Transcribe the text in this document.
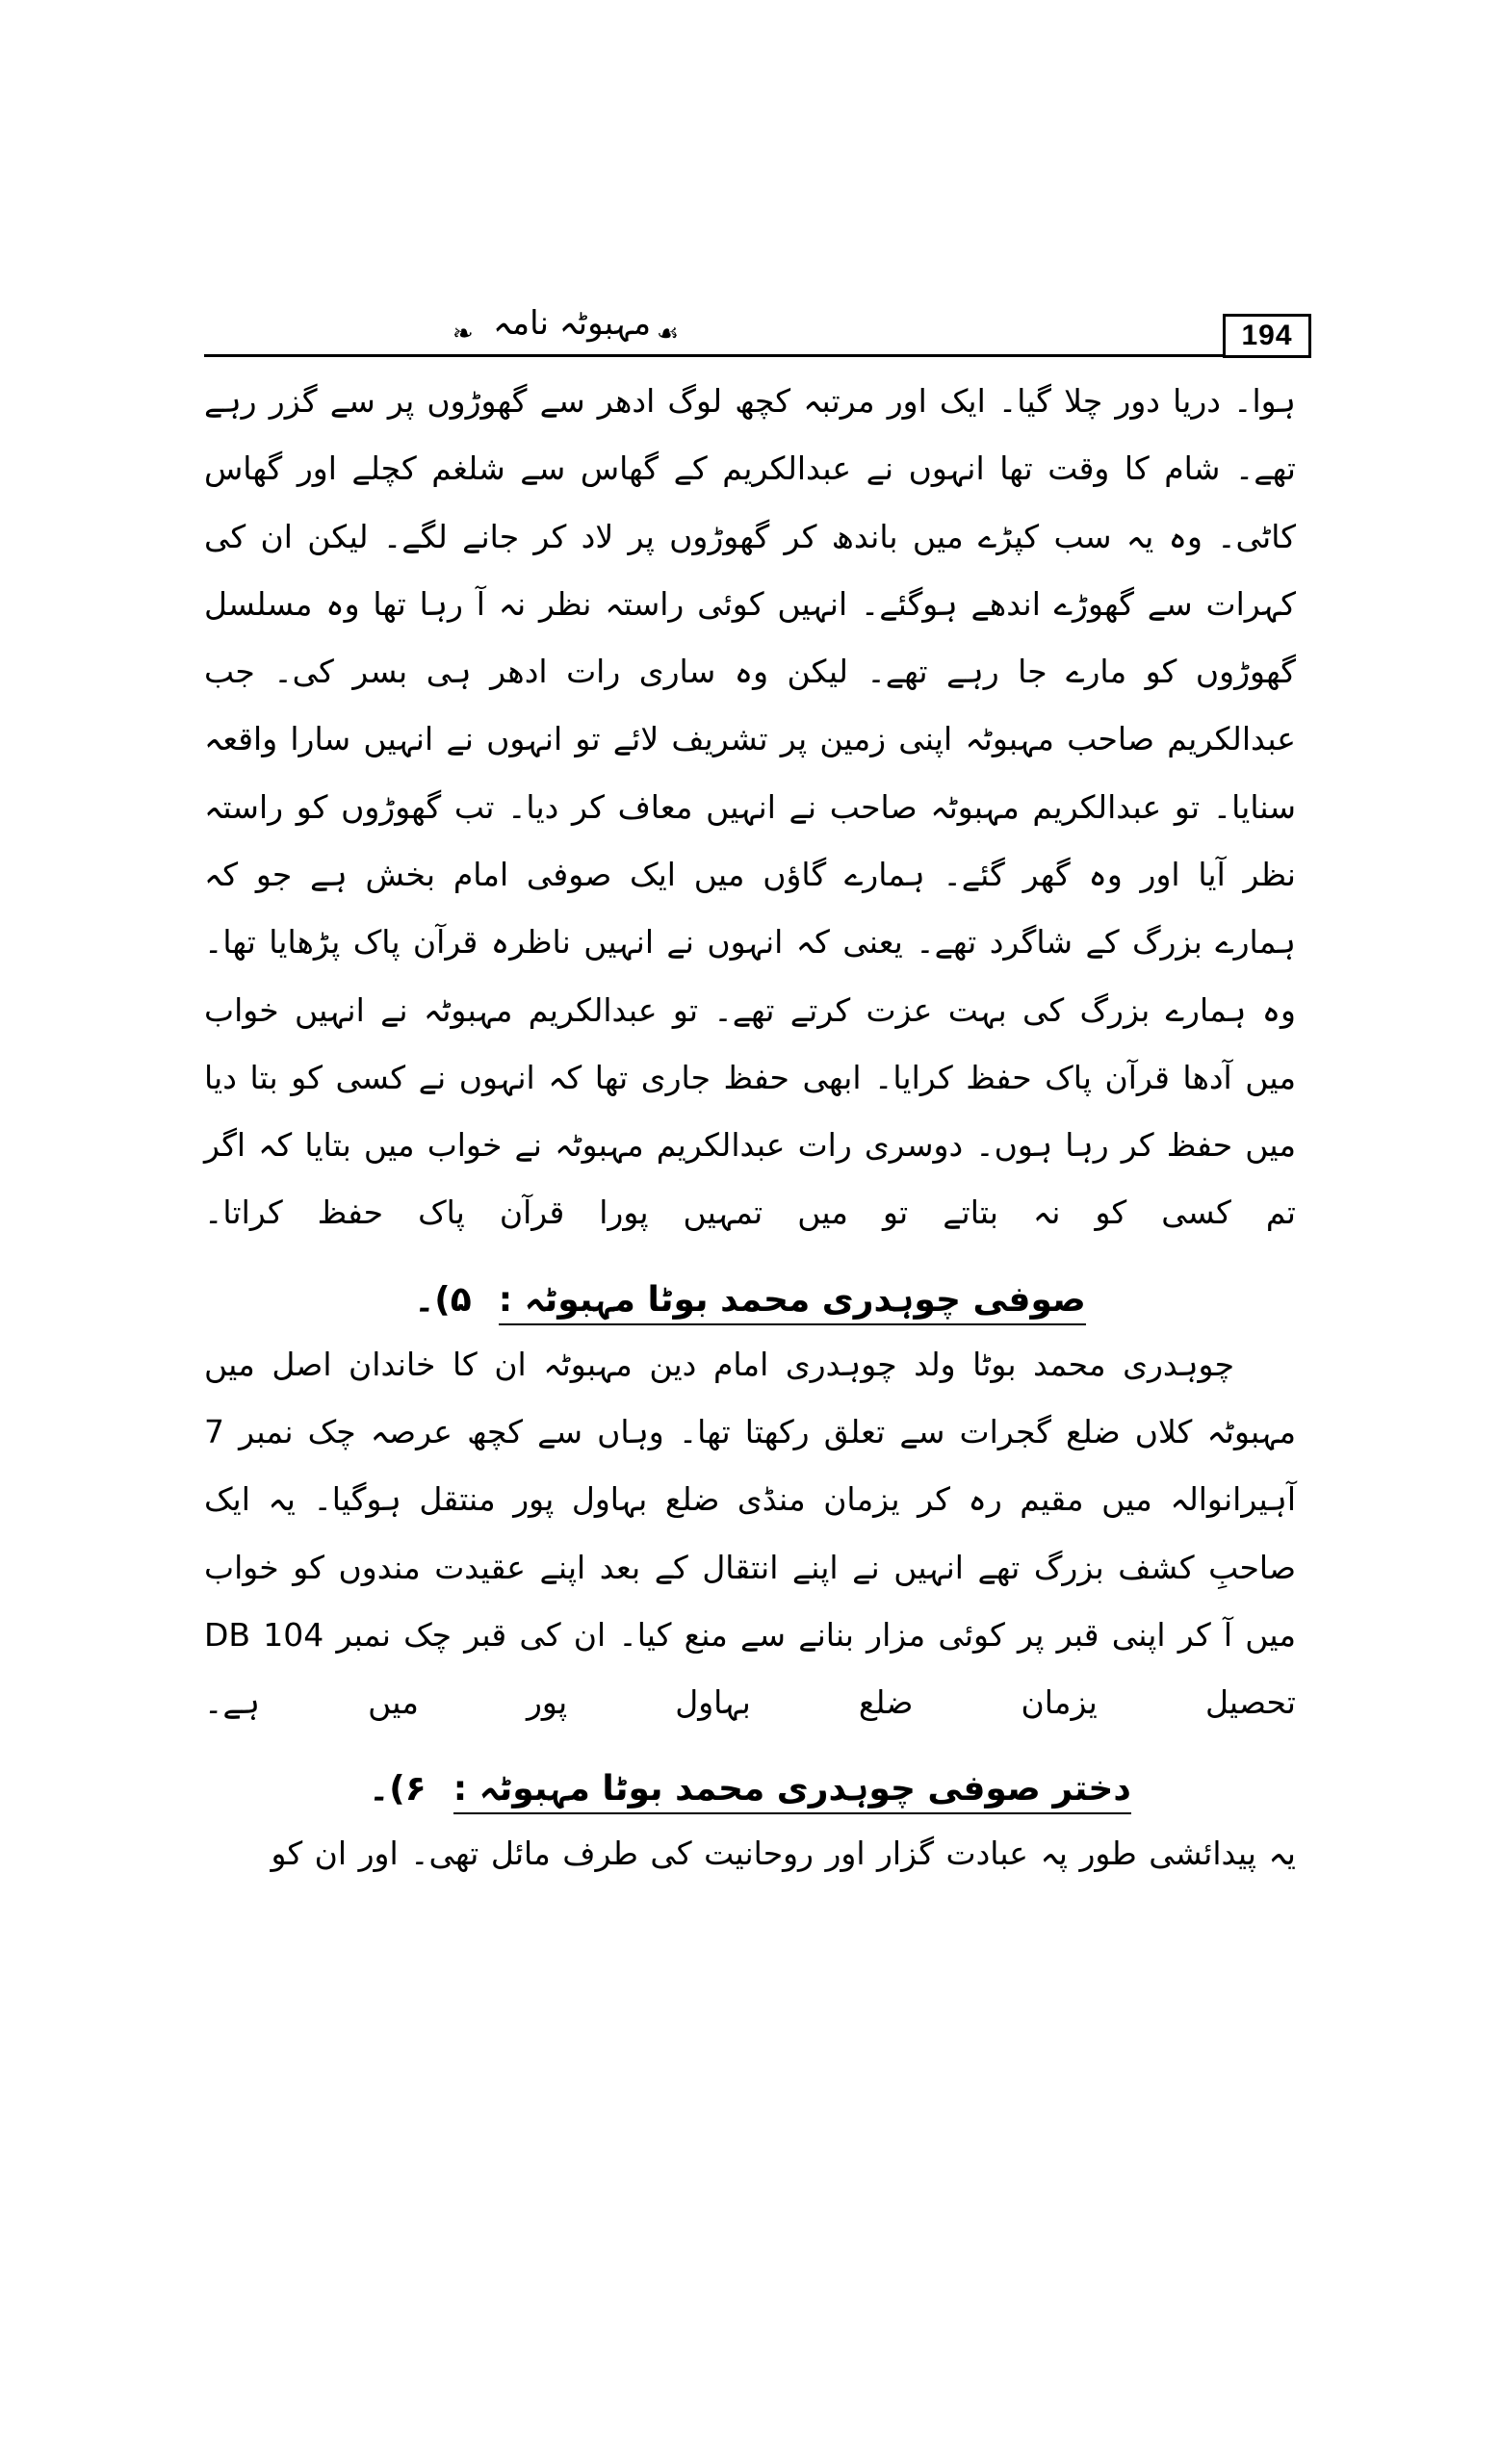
194
❧ مہبوٹہ نامہ ☙

ہوا۔ دریا دور چلا گیا۔ ایک اور مرتبہ کچھ لوگ ادھر سے گھوڑوں پر سے گزر رہے تھے۔ شام کا وقت تھا انہوں نے عبدالکریم کے گھاس سے شلغم کچلے اور گھاس کاٹی۔ وہ یہ سب کپڑے میں باندھ کر گھوڑوں پر لاد کر جانے لگے۔ لیکن ان کی کہرات سے گھوڑے اندھے ہوگئے۔ انہیں کوئی راستہ نظر نہ آ رہا تھا وہ مسلسل گھوڑوں کو مارے جا رہے تھے۔ لیکن وہ ساری رات ادھر ہی بسر کی۔ جب عبدالکریم صاحب مہبوٹہ اپنی زمین پر تشریف لائے تو انہوں نے انہیں سارا واقعہ سنایا۔ تو عبدالکریم مہبوٹہ صاحب نے انہیں معاف کر دیا۔ تب گھوڑوں کو راستہ نظر آیا اور وہ گھر گئے۔ ہمارے گاؤں میں ایک صوفی امام بخش ہے جو کہ ہمارے بزرگ کے شاگرد تھے۔ یعنی کہ انہوں نے انہیں ناظرہ قرآن پاک پڑھایا تھا۔ وہ ہمارے بزرگ کی بہت عزت کرتے تھے۔ تو عبدالکریم مہبوٹہ نے انہیں خواب میں آدھا قرآن پاک حفظ کرایا۔ ابھی حفظ جاری تھا کہ انہوں نے کسی کو بتا دیا میں حفظ کر رہا ہوں۔ دوسری رات عبدالکریم مہبوٹہ نے خواب میں بتایا کہ اگر تم کسی کو نہ بتاتے تو میں تمہیں پورا قرآن پاک حفظ کراتا۔

صوفی چوہدری محمد بوٹا مہبوٹہ :
۵)۔

چوہدری محمد بوٹا ولد چوہدری امام دین مہبوٹہ ان کا خاندان اصل میں مہبوٹہ کلاں ضلع گجرات سے تعلق رکھتا تھا۔ وہاں سے کچھ عرصہ چک نمبر 7 آہیرانوالہ میں مقیم رہ کر یزمان منڈی ضلع بہاول پور منتقل ہوگیا۔ یہ ایک صاحبِ کشف بزرگ تھے انہیں نے اپنے انتقال کے بعد اپنے عقیدت مندوں کو خواب میں آ کر اپنی قبر پر کوئی مزار بنانے سے منع کیا۔ ان کی قبر چک نمبر DB 104 تحصیل یزمان ضلع بہاول پور میں ہے۔

دختر صوفی چوہدری محمد بوٹا مہبوٹہ :
۶)۔

یہ پیدائشی طور پہ عبادت گزار اور روحانیت کی طرف مائل تھی۔ اور ان کو
